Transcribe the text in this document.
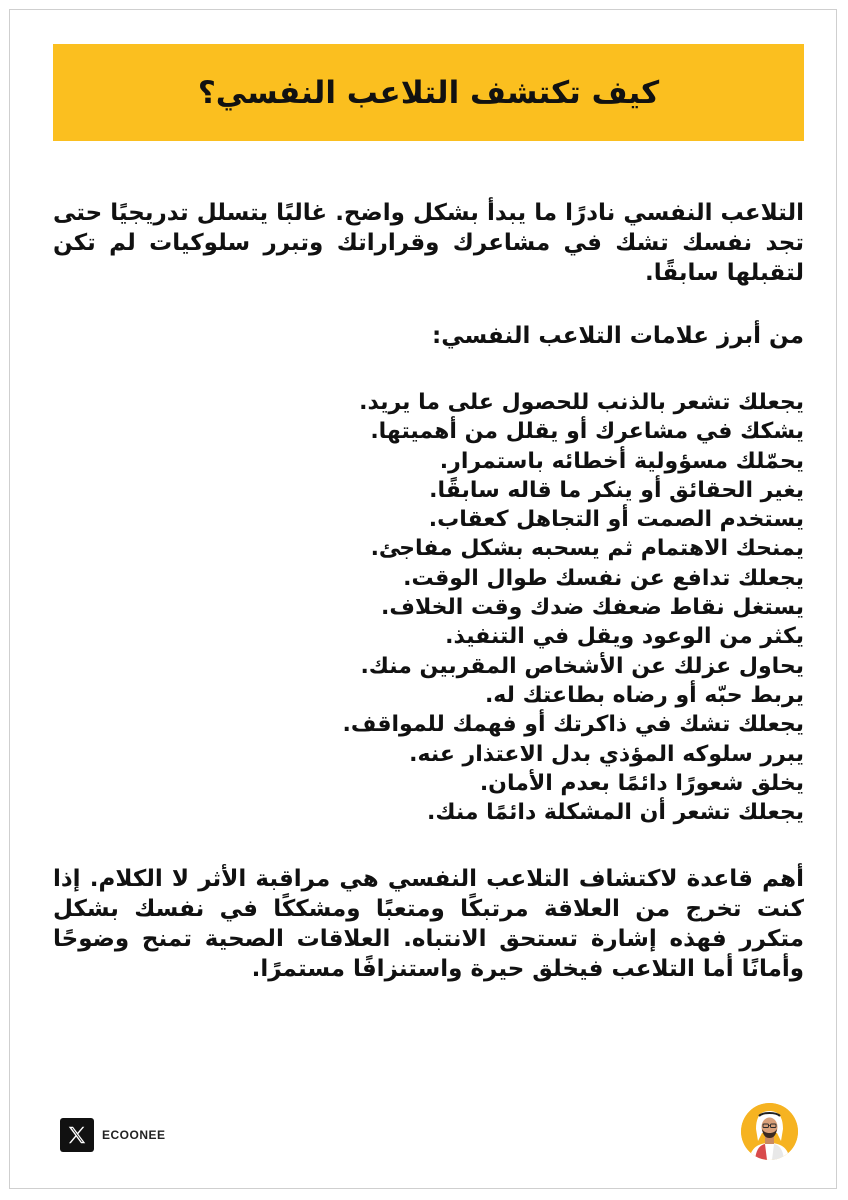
كيف تكتشف التلاعب النفسي؟

التلاعب النفسي نادرًا ما يبدأ بشكل واضح. غالبًا يتسلل تدريجيًا حتى تجد نفسك تشك في مشاعرك وقراراتك وتبرر سلوكيات لم تكن لتقبلها سابقًا.

من أبرز علامات التلاعب النفسي:

يجعلك تشعر بالذنب للحصول على ما يريد.
يشكك في مشاعرك أو يقلل من أهميتها.
يحمّلك مسؤولية أخطائه باستمرار.
يغير الحقائق أو ينكر ما قاله سابقًا.
يستخدم الصمت أو التجاهل كعقاب.
يمنحك الاهتمام ثم يسحبه بشكل مفاجئ.
يجعلك تدافع عن نفسك طوال الوقت.
يستغل نقاط ضعفك ضدك وقت الخلاف.
يكثر من الوعود ويقل في التنفيذ.
يحاول عزلك عن الأشخاص المقربين منك.
يربط حبّه أو رضاه بطاعتك له.
يجعلك تشك في ذاكرتك أو فهمك للمواقف.
يبرر سلوكه المؤذي بدل الاعتذار عنه.
يخلق شعورًا دائمًا بعدم الأمان.
يجعلك تشعر أن المشكلة دائمًا منك.

أهم قاعدة لاكتشاف التلاعب النفسي هي مراقبة الأثر لا الكلام. إذا كنت تخرج من العلاقة مرتبكًا ومتعبًا ومشككًا في نفسك بشكل متكرر فهذه إشارة تستحق الانتباه. العلاقات الصحية تمنح وضوحًا وأمانًا أما التلاعب فيخلق حيرة واستنزافًا مستمرًا.

ECOONEE
